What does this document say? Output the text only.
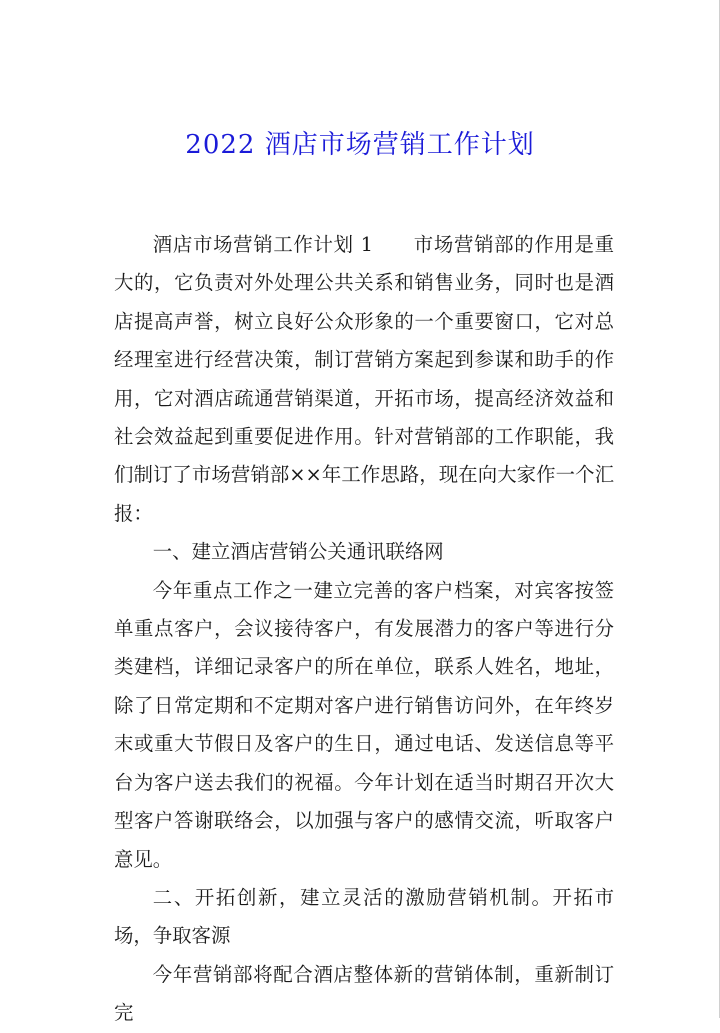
2022 酒店市场营销工作计划

酒店市场营销工作计划 1　　市场营销部的作用是重大的，它负责对外处理公共关系和销售业务，同时也是酒店提高声誉，树立良好公众形象的一个重要窗口，它对总经理室进行经营决策，制订营销方案起到参谋和助手的作用，它对酒店疏通营销渠道，开拓市场，提高经济效益和社会效益起到重要促进作用。针对营销部的工作职能，我们制订了市场营销部××年工作思路，现在向大家作一个汇报：

一、建立酒店营销公关通讯联络网

今年重点工作之一建立完善的客户档案，对宾客按签单重点客户，会议接待客户，有发展潜力的客户等进行分类建档，详细记录客户的所在单位，联系人姓名，地址，除了日常定期和不定期对客户进行销售访问外，在年终岁末或重大节假日及客户的生日，通过电话、发送信息等平台为客户送去我们的祝福。今年计划在适当时期召开次大型客户答谢联络会，以加强与客户的感情交流，听取客户意见。

二、开拓创新，建立灵活的激励营销机制。开拓市场，争取客源

今年营销部将配合酒店整体新的营销体制，重新制订完
